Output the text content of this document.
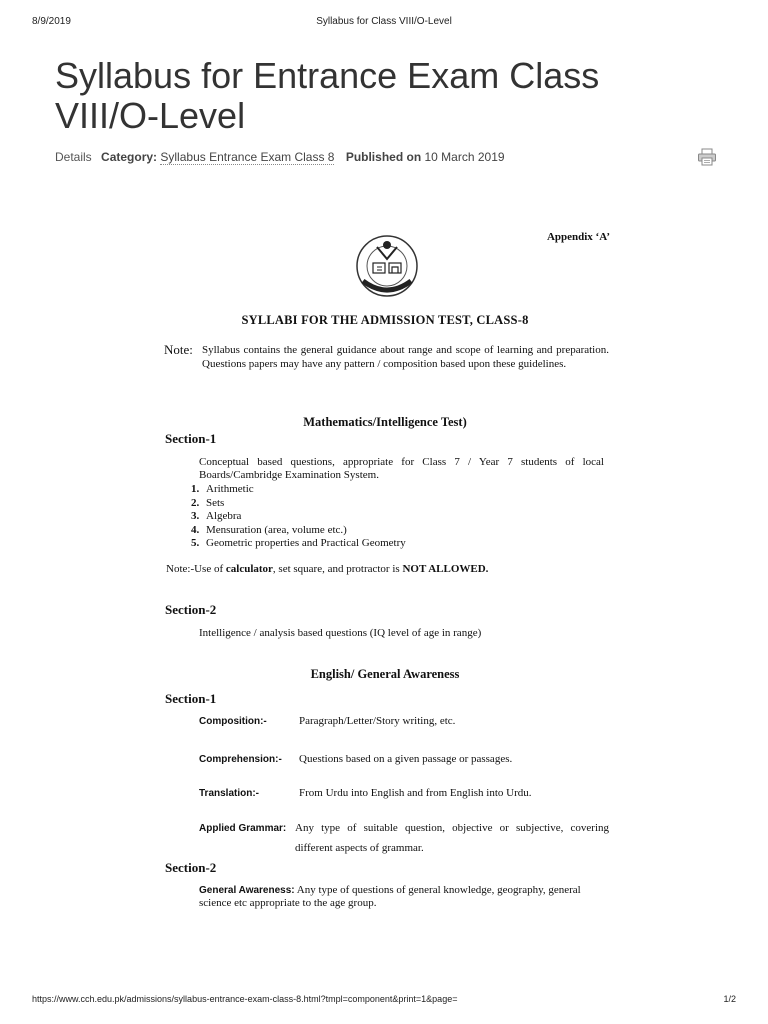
8/9/2019	Syllabus for Class VIII/O-Level
Syllabus for Entrance Exam Class VIII/O-Level
Details Category: Syllabus Entrance Exam Class 8 Published on 10 March 2019
Appendix ‘A’
SYLLABI FOR THE ADMISSION TEST, CLASS-8
Note: Syllabus contains the general guidance about range and scope of learning and preparation. Questions papers may have any pattern / composition based upon these guidelines.
Mathematics/Intelligence Test)
Section-1
Conceptual based questions, appropriate for Class 7 / Year 7 students of local Boards/Cambridge Examination System.
1. Arithmetic
2. Sets
3. Algebra
4. Mensuration (area, volume etc.)
5. Geometric properties and Practical Geometry
Note:-Use of calculator, set square, and protractor is NOT ALLOWED.
Section-2
Intelligence / analysis based questions (IQ level of age in range)
English/ General Awareness
Section-1
Composition:-	Paragraph/Letter/Story writing, etc.
Comprehension:- Questions based on a given passage or passages.
Translation:-	From Urdu into English and from English into Urdu.
Applied Grammar: Any type of suitable question, objective or subjective, covering different aspects of grammar.
Section-2
General Awareness: Any type of questions of general knowledge, geography, general science etc appropriate to the age group.
https://www.cch.edu.pk/admissions/syllabus-entrance-exam-class-8.html?tmpl=component&print=1&page=	1/2
